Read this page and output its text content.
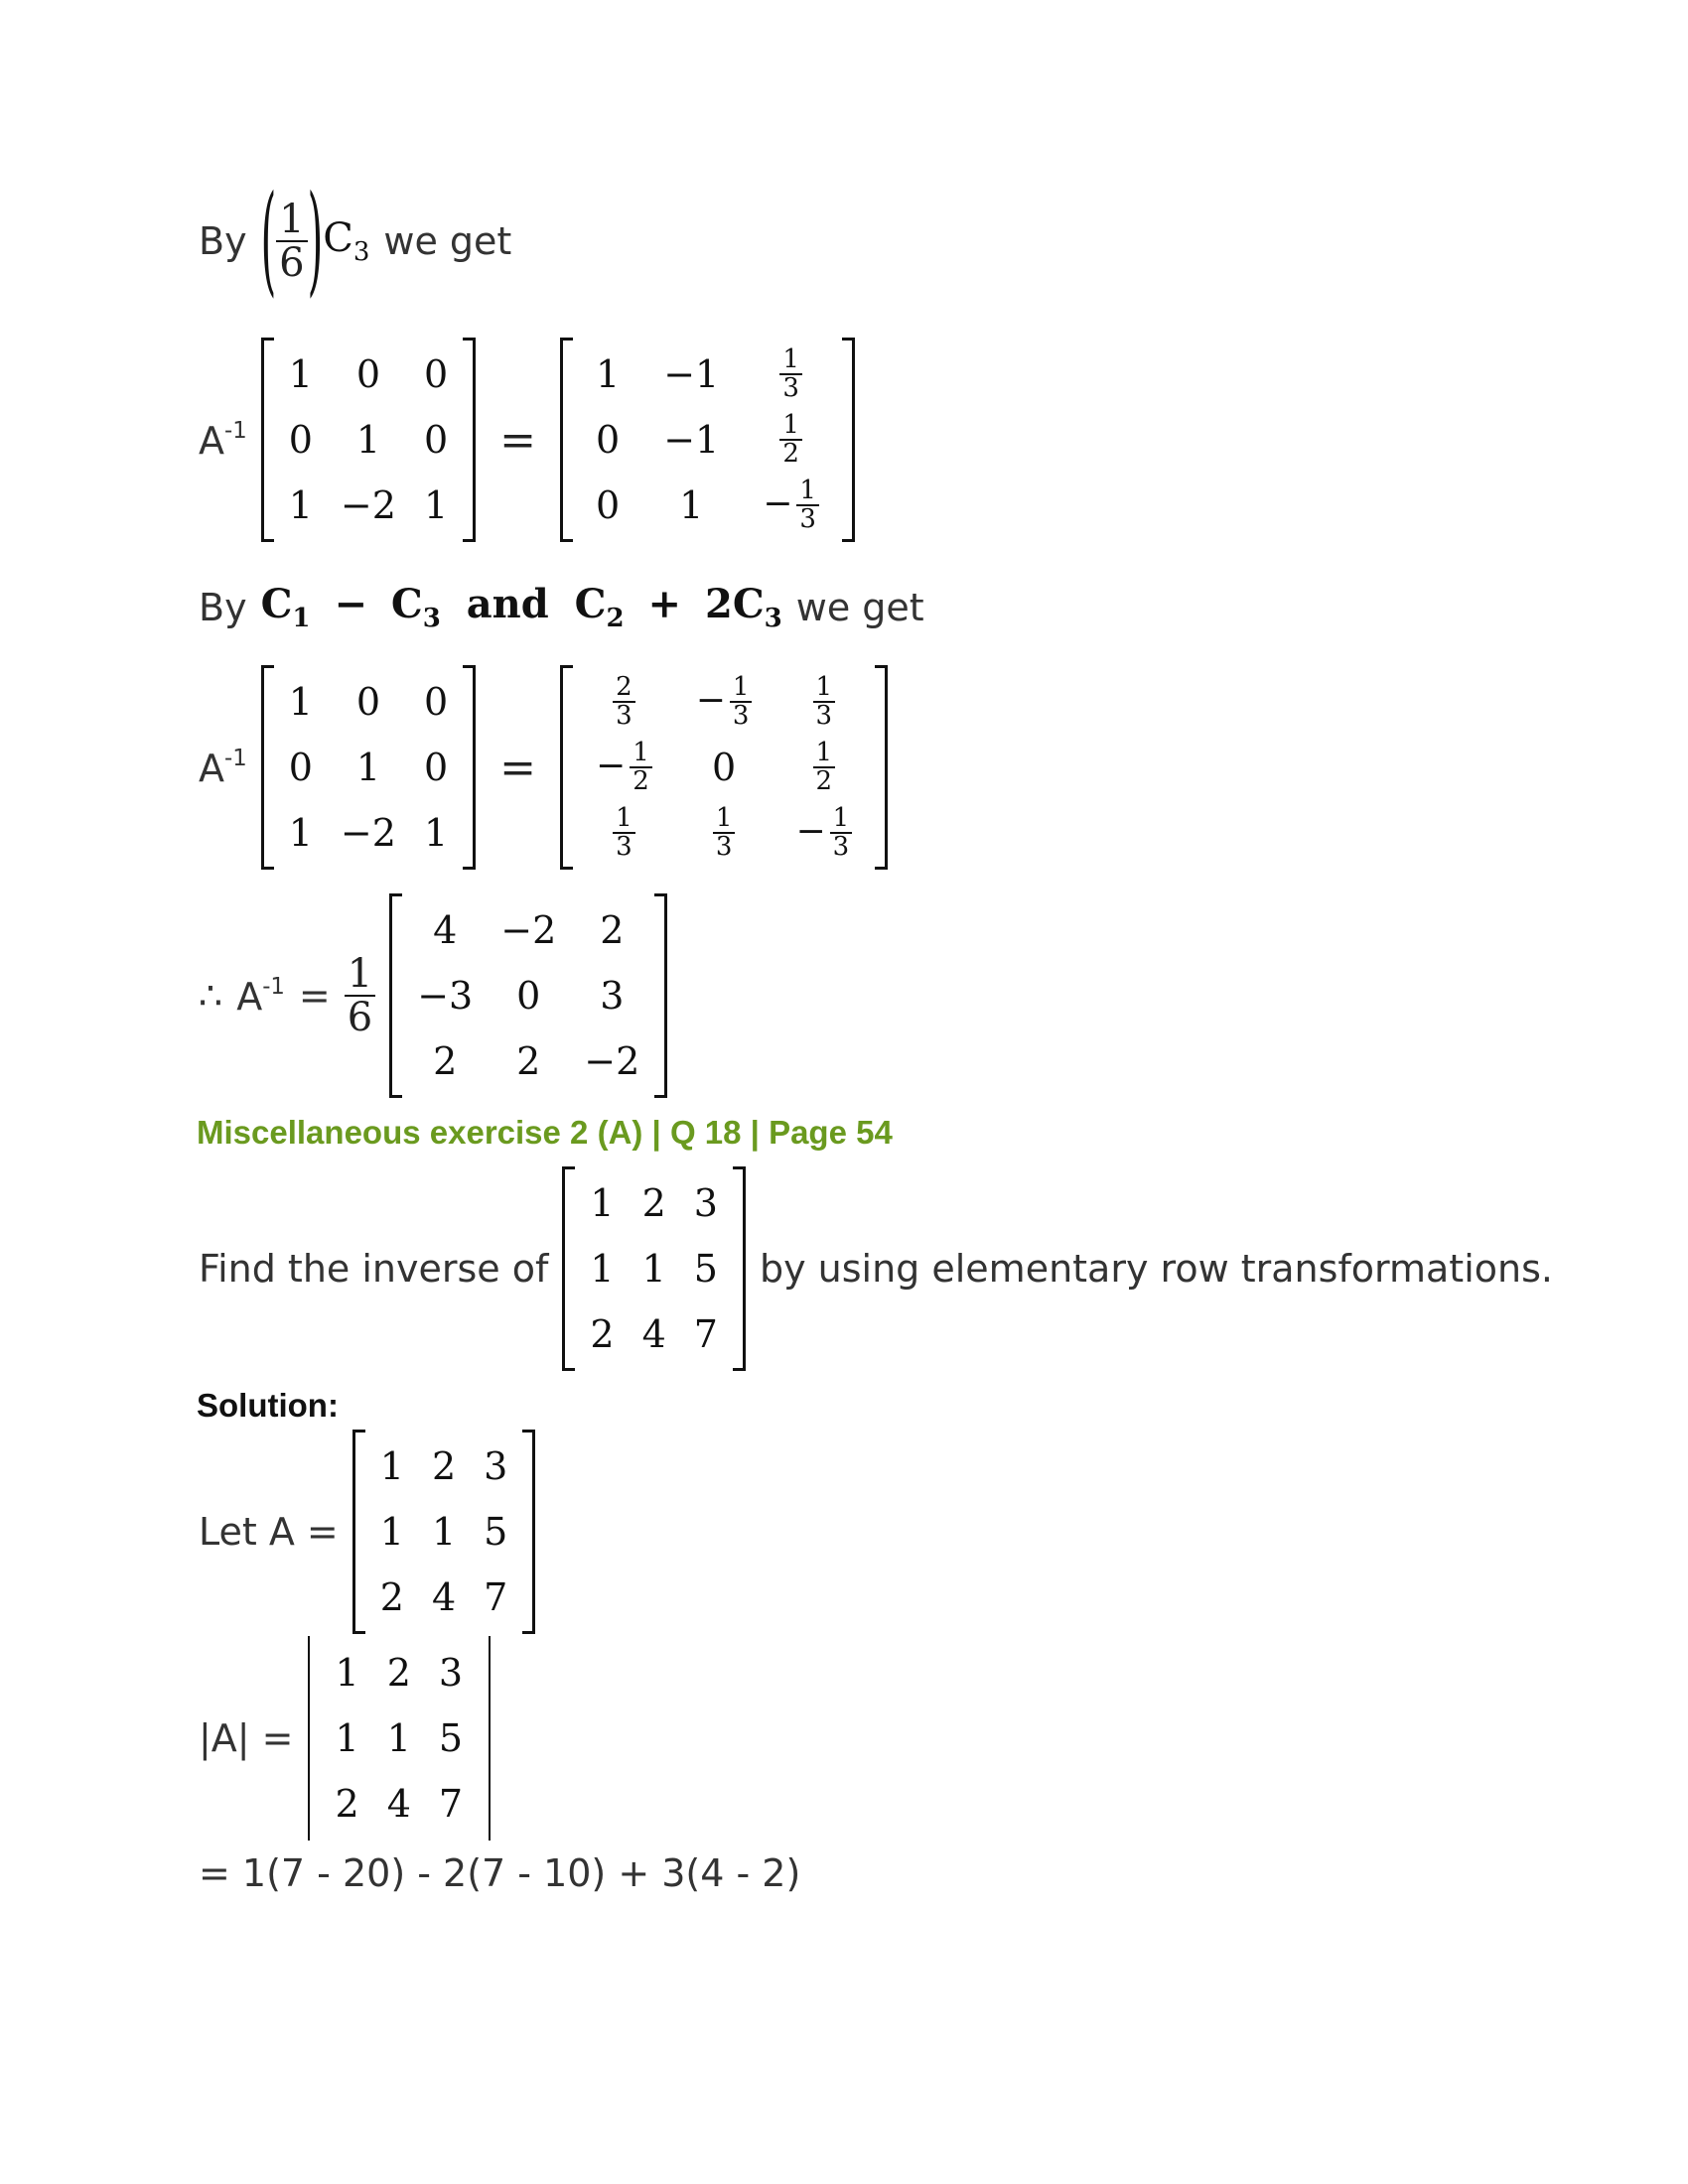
By ( $\frac{1}{6}$ ) $C_3$ we get
$A^{-1}$
1	0	0
0	1	0
1	−2	1
=
1	−1	$\frac{1}{3}$

0	−1	$\frac{1}{2}$

0	1	− $\frac{1}{3}$
By $C_1 - C_3$ and $C_2 + 2C_3$ we get
$A^{-1}$
1	0	0
0	1	0
1	−2	1
=
$\frac{2}{3}$	− $\frac{1}{3}$	$\frac{1}{3}$

− $\frac{1}{2}$	0	$\frac{1}{2}$

$\frac{1}{3}$	$\frac{1}{3}$	− $\frac{1}{3}$
∴ $A^{-1} = \frac{1}{6}$
4	−2	2
−3	0	3
2	2	−2
Miscellaneous exercise 2 (A) | Q 18 | Page 54
Find the inverse of
1	2	3
1	1	5
2	4	7
by using elementary row transformations.
Solution:
Let A =
1	2	3
1	1	5
2	4	7
|A| =
1	2	3
1	1	5
2	4	7
= 1(7 - 20) - 2(7 - 10) + 3(4 - 2)
